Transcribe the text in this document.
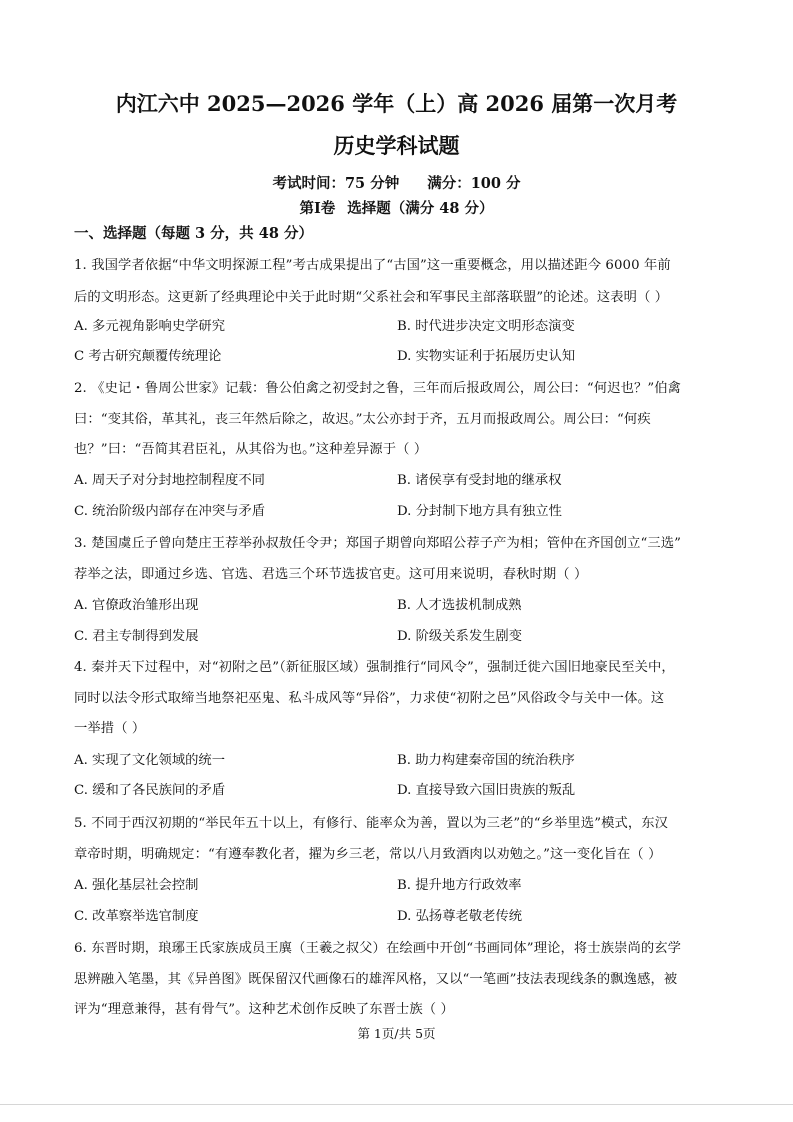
内江六中 2025—2026 学年（上）高 2026 届第一次月考
历史学科试题
考试时间：75 分钟 满分：100 分
第Ⅰ卷 选择题（满分 48 分）
一、选择题（每题 3 分，共 48 分）
1. 我国学者依据“中华文明探源工程”考古成果提出了“古国”这一重要概念，用以描述距今 6000 年前
后的文明形态。这更新了经典理论中关于此时期“父系社会和军事民主部落联盟”的论述。这表明（ ）
A. 多元视角影响史学研究	B. 时代进步决定文明形态演变
C 考古研究颠覆传统理论	D. 实物实证利于拓展历史认知
2. 《史记・鲁周公世家》记载：鲁公伯禽之初受封之鲁，三年而后报政周公，周公曰：“何迟也？”伯禽
曰：“变其俗，革其礼，丧三年然后除之，故迟。”太公亦封于齐，五月而报政周公。周公曰：“何疾
也？”曰：“吾简其君臣礼，从其俗为也。”这种差异源于（ ）
A. 周天子对分封地控制程度不同	B. 诸侯享有受封地的继承权
C. 统治阶级内部存在冲突与矛盾	D. 分封制下地方具有独立性
3. 楚国虞丘子曾向楚庄王荐举孙叔敖任令尹；郑国子期曾向郑昭公荐子产为相；管仲在齐国创立“三选”
荐举之法，即通过乡选、官选、君选三个环节选拔官吏。这可用来说明，春秋时期（ ）
A. 官僚政治雏形出现	B. 人才选拔机制成熟
C. 君主专制得到发展	D. 阶级关系发生剧变
4. 秦并天下过程中，对“初附之邑”（新征服区域）强制推行“同风令”，强制迁徙六国旧地豪民至关中，
同时以法令形式取缔当地祭祀巫鬼、私斗成风等“异俗”，力求使“初附之邑”风俗政令与关中一体。这
一举措（ ）
A. 实现了文化领域的统一	B. 助力构建秦帝国的统治秩序
C. 缓和了各民族间的矛盾	D. 直接导致六国旧贵族的叛乱
5. 不同于西汉初期的“举民年五十以上，有修行、能率众为善，置以为三老”的“乡举里选”模式，东汉
章帝时期，明确规定：“有遵奉教化者，擢为乡三老，常以八月致酒肉以劝勉之。”这一变化旨在（ ）
A. 强化基层社会控制	B. 提升地方行政效率
C. 改革察举选官制度	D. 弘扬尊老敬老传统
6. 东晋时期，琅琊王氏家族成员王廙（王羲之叔父）在绘画中开创“书画同体”理论，将士族崇尚的玄学
思辨融入笔墨，其《异兽图》既保留汉代画像石的雄浑风格，又以“一笔画”技法表现线条的飘逸感，被
评为“理意兼得，甚有骨气”。这种艺术创作反映了东晋士族（ ）
第 1页/共 5页
